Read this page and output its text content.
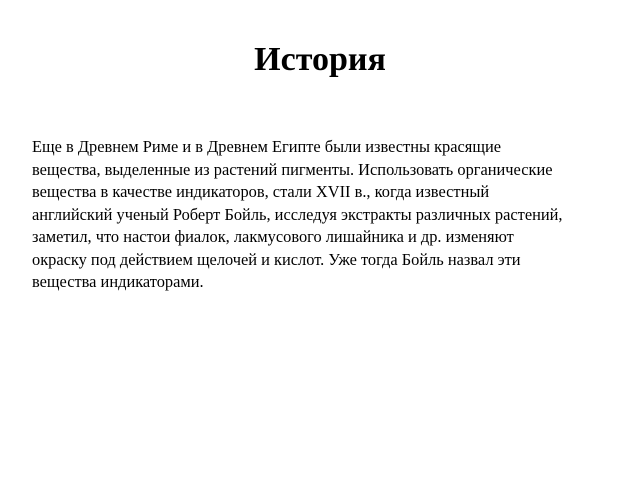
История

Еще в Древнем Риме и в Древнем Египте были известны красящие
вещества, выделенные из растений пигменты. Использовать органические
вещества в качестве индикаторов, стали XVII в., когда известный
английский ученый Роберт Бойль, исследуя экстракты различных растений,
заметил, что настои фиалок, лакмусового лишайника и др. изменяют
окраску под действием щелочей и кислот. Уже тогда Бойль назвал эти
вещества индикаторами.
